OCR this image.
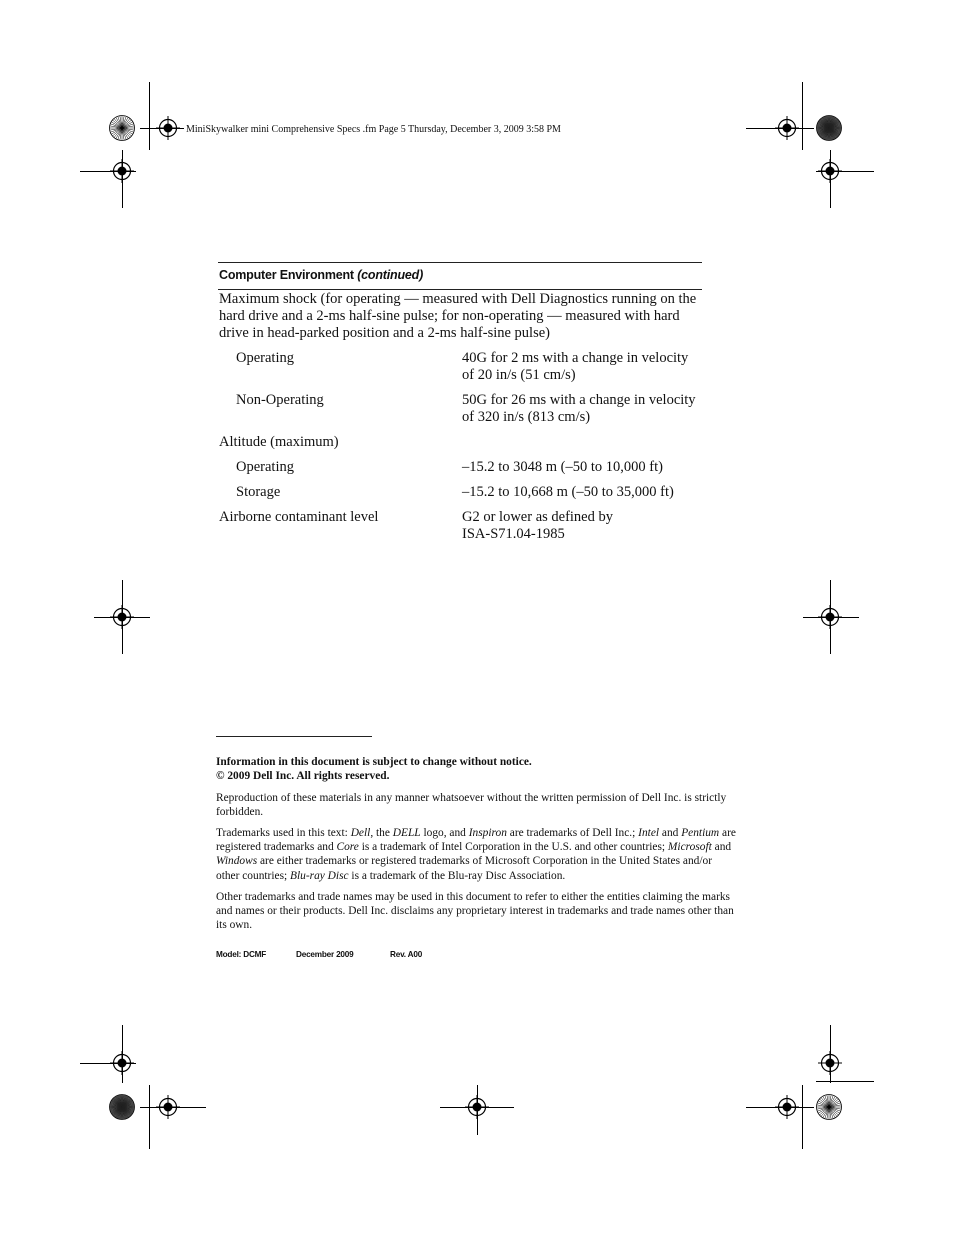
MiniSkywalker mini Comprehensive Specs .fm Page 5 Thursday, December 3, 2009 3:58 PM
Computer Environment (continued)
Maximum shock (for operating — measured with Dell Diagnostics running on the
hard drive and a 2-ms half-sine pulse; for non-operating — measured with hard
drive in head-parked position and a 2-ms half-sine pulse)
Operating	40G for 2 ms with a change in velocity of 20 in/s (51 cm/s)
Non-Operating	50G for 26 ms with a change in velocity of 320 in/s (813 cm/s)
Altitude (maximum)
Operating	–15.2 to 3048 m (–50 to 10,000 ft)
Storage	–15.2 to 10,668 m (–50 to 35,000 ft)
Airborne contaminant level	G2 or lower as defined by ISA-S71.04-1985
Information in this document is subject to change without notice.
© 2009 Dell Inc. All rights reserved.
Reproduction of these materials in any manner whatsoever without the written permission of Dell Inc. is strictly forbidden.
Trademarks used in this text: Dell, the DELL logo, and Inspiron are trademarks of Dell Inc.; Intel and Pentium are registered trademarks and Core is a trademark of Intel Corporation in the U.S. and other countries; Microsoft and Windows are either trademarks or registered trademarks of Microsoft Corporation in the United States and/or other countries; Blu-ray Disc is a trademark of the Blu-ray Disc Association.
Other trademarks and trade names may be used in this document to refer to either the entities claiming the marks and names or their products. Dell Inc. disclaims any proprietary interest in trademarks and trade names other than its own.
Model: DCMF	December 2009	Rev. A00
